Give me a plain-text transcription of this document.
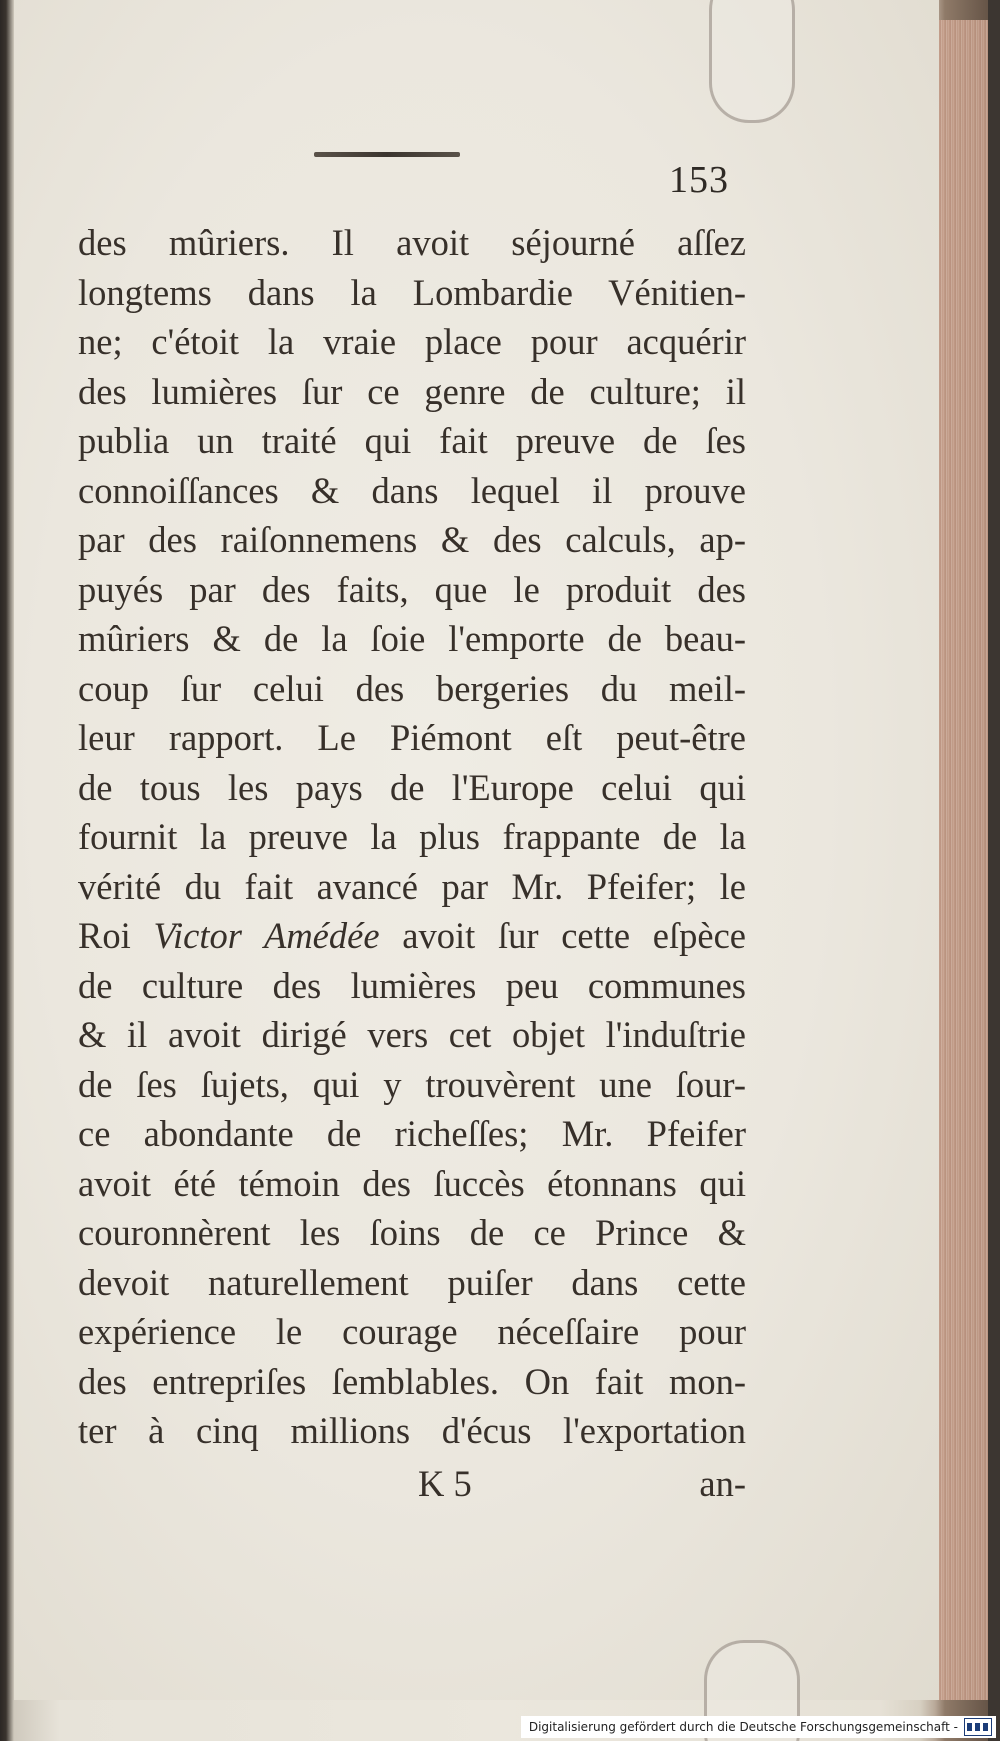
153
des mûriers. Il avoit séjourné aſſez
longtems dans la Lombardie Vénitien-
ne; c'étoit la vraie place pour acquérir
des lumières ſur ce genre de culture; il
publia un traité qui fait preuve de ſes
connoiſſances & dans lequel il prouve
par des raiſonnemens & des calculs, ap-
puyés par des faits, que le produit des
mûriers & de la ſoie l'emporte de beau-
coup ſur celui des bergeries du meil-
leur rapport. Le Piémont eſt peut-être
de tous les pays de l'Europe celui qui
fournit la preuve la plus frappante de la
vérité du fait avancé par Mr. Pfeifer; le
Roi Victor Amédée avoit ſur cette eſpèce
de culture des lumières peu communes
& il avoit dirigé vers cet objet l'induſtrie
de ſes ſujets, qui y trouvèrent une ſour-
ce abondante de richeſſes; Mr. Pfeifer
avoit été témoin des ſuccès étonnans qui
couronnèrent les ſoins de ce Prince &
devoit naturellement puiſer dans cette
expérience le courage néceſſaire pour
des entrepriſes ſemblables. On fait mon-
ter à cinq millions d'écus l'exportation
K 5	an-
Digitalisierung gefördert durch die Deutsche Forschungsgemeinschaft -
